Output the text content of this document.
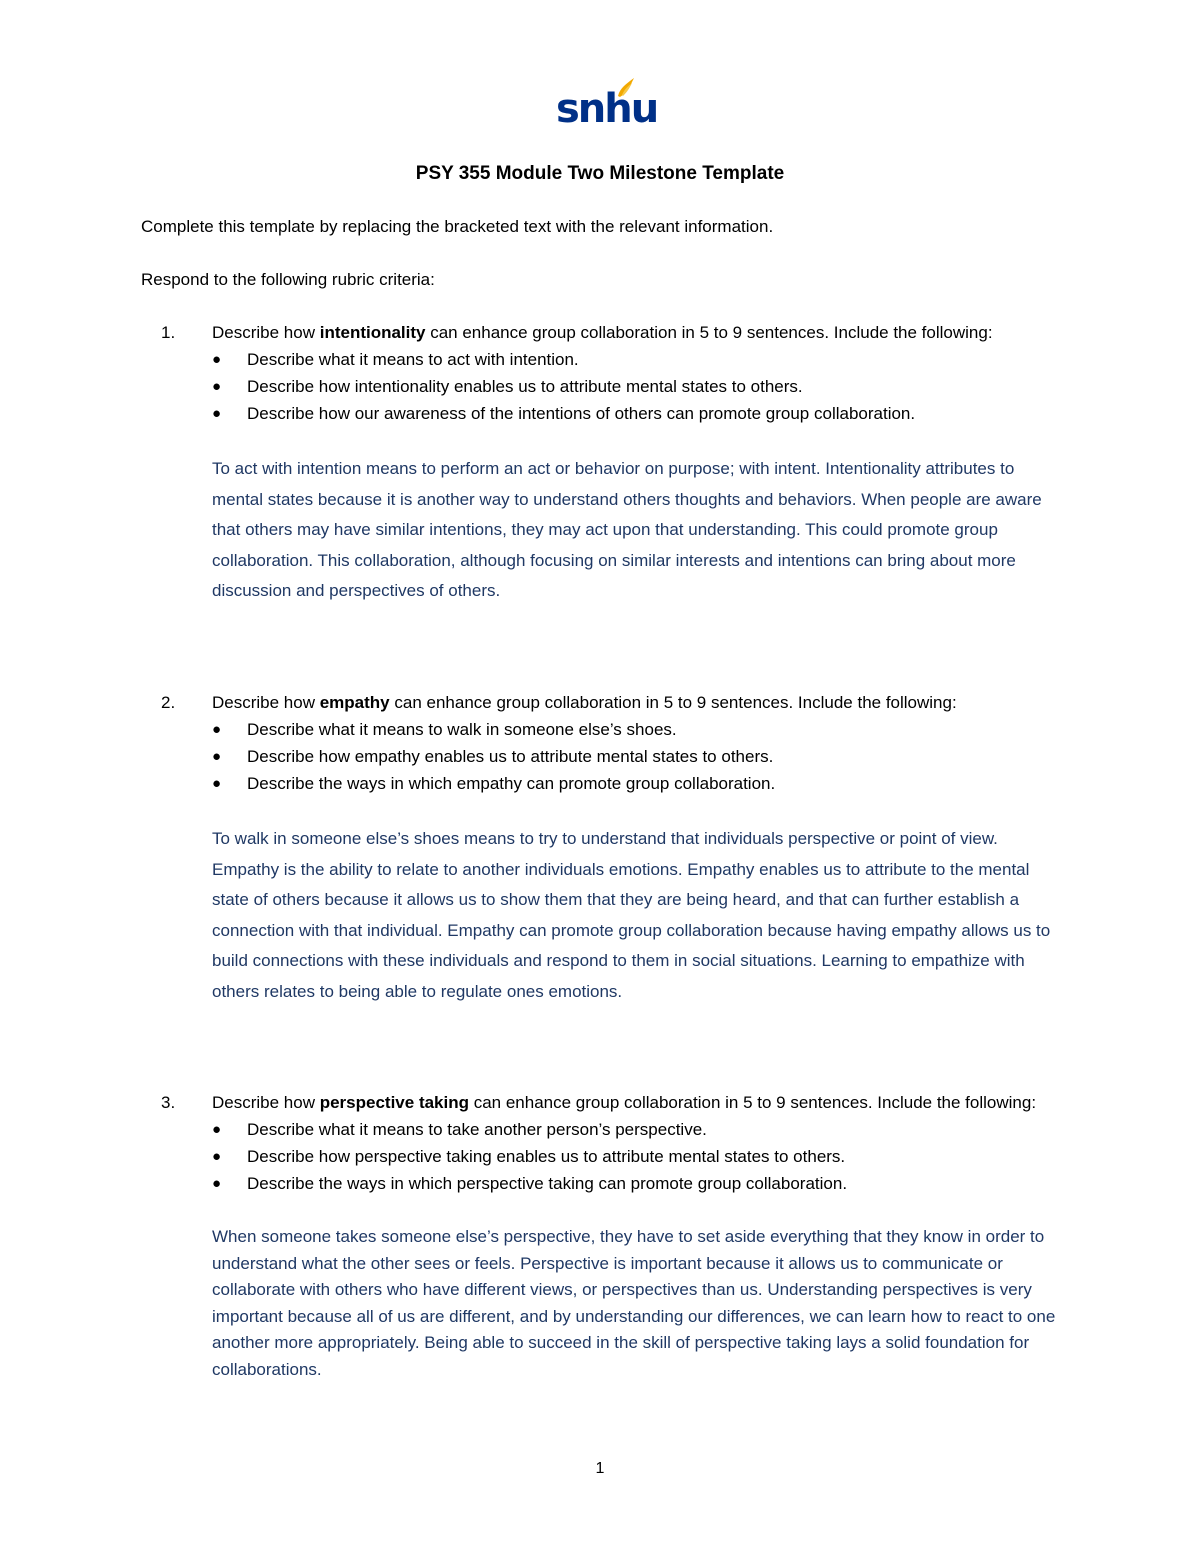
snhu
PSY 355 Module Two Milestone Template
Complete this template by replacing the bracketed text with the relevant information.
Respond to the following rubric criteria:
1. Describe how intentionality can enhance group collaboration in 5 to 9 sentences. Include the following:
● Describe what it means to act with intention.
● Describe how intentionality enables us to attribute mental states to others.
● Describe how our awareness of the intentions of others can promote group collaboration.
To act with intention means to perform an act or behavior on purpose; with intent. Intentionality attributes to mental states because it is another way to understand others thoughts and behaviors. When people are aware that others may have similar intentions, they may act upon that understanding. This could promote group collaboration. This collaboration, although focusing on similar interests and intentions can bring about more discussion and perspectives of others.
2. Describe how empathy can enhance group collaboration in 5 to 9 sentences. Include the following:
● Describe what it means to walk in someone else’s shoes.
● Describe how empathy enables us to attribute mental states to others.
● Describe the ways in which empathy can promote group collaboration.
To walk in someone else’s shoes means to try to understand that individuals perspective or point of view. Empathy is the ability to relate to another individuals emotions. Empathy enables us to attribute to the mental state of others because it allows us to show them that they are being heard, and that can further establish a connection with that individual. Empathy can promote group collaboration because having empathy allows us to build connections with these individuals and respond to them in social situations. Learning to empathize with others relates to being able to regulate ones emotions.
3. Describe how perspective taking can enhance group collaboration in 5 to 9 sentences. Include the following:
● Describe what it means to take another person’s perspective.
● Describe how perspective taking enables us to attribute mental states to others.
● Describe the ways in which perspective taking can promote group collaboration.
When someone takes someone else’s perspective, they have to set aside everything that they know in order to understand what the other sees or feels. Perspective is important because it allows us to communicate or collaborate with others who have different views, or perspectives than us. Understanding perspectives is very important because all of us are different, and by understanding our differences, we can learn how to react to one another more appropriately. Being able to succeed in the skill of perspective taking lays a solid foundation for collaborations.
1
